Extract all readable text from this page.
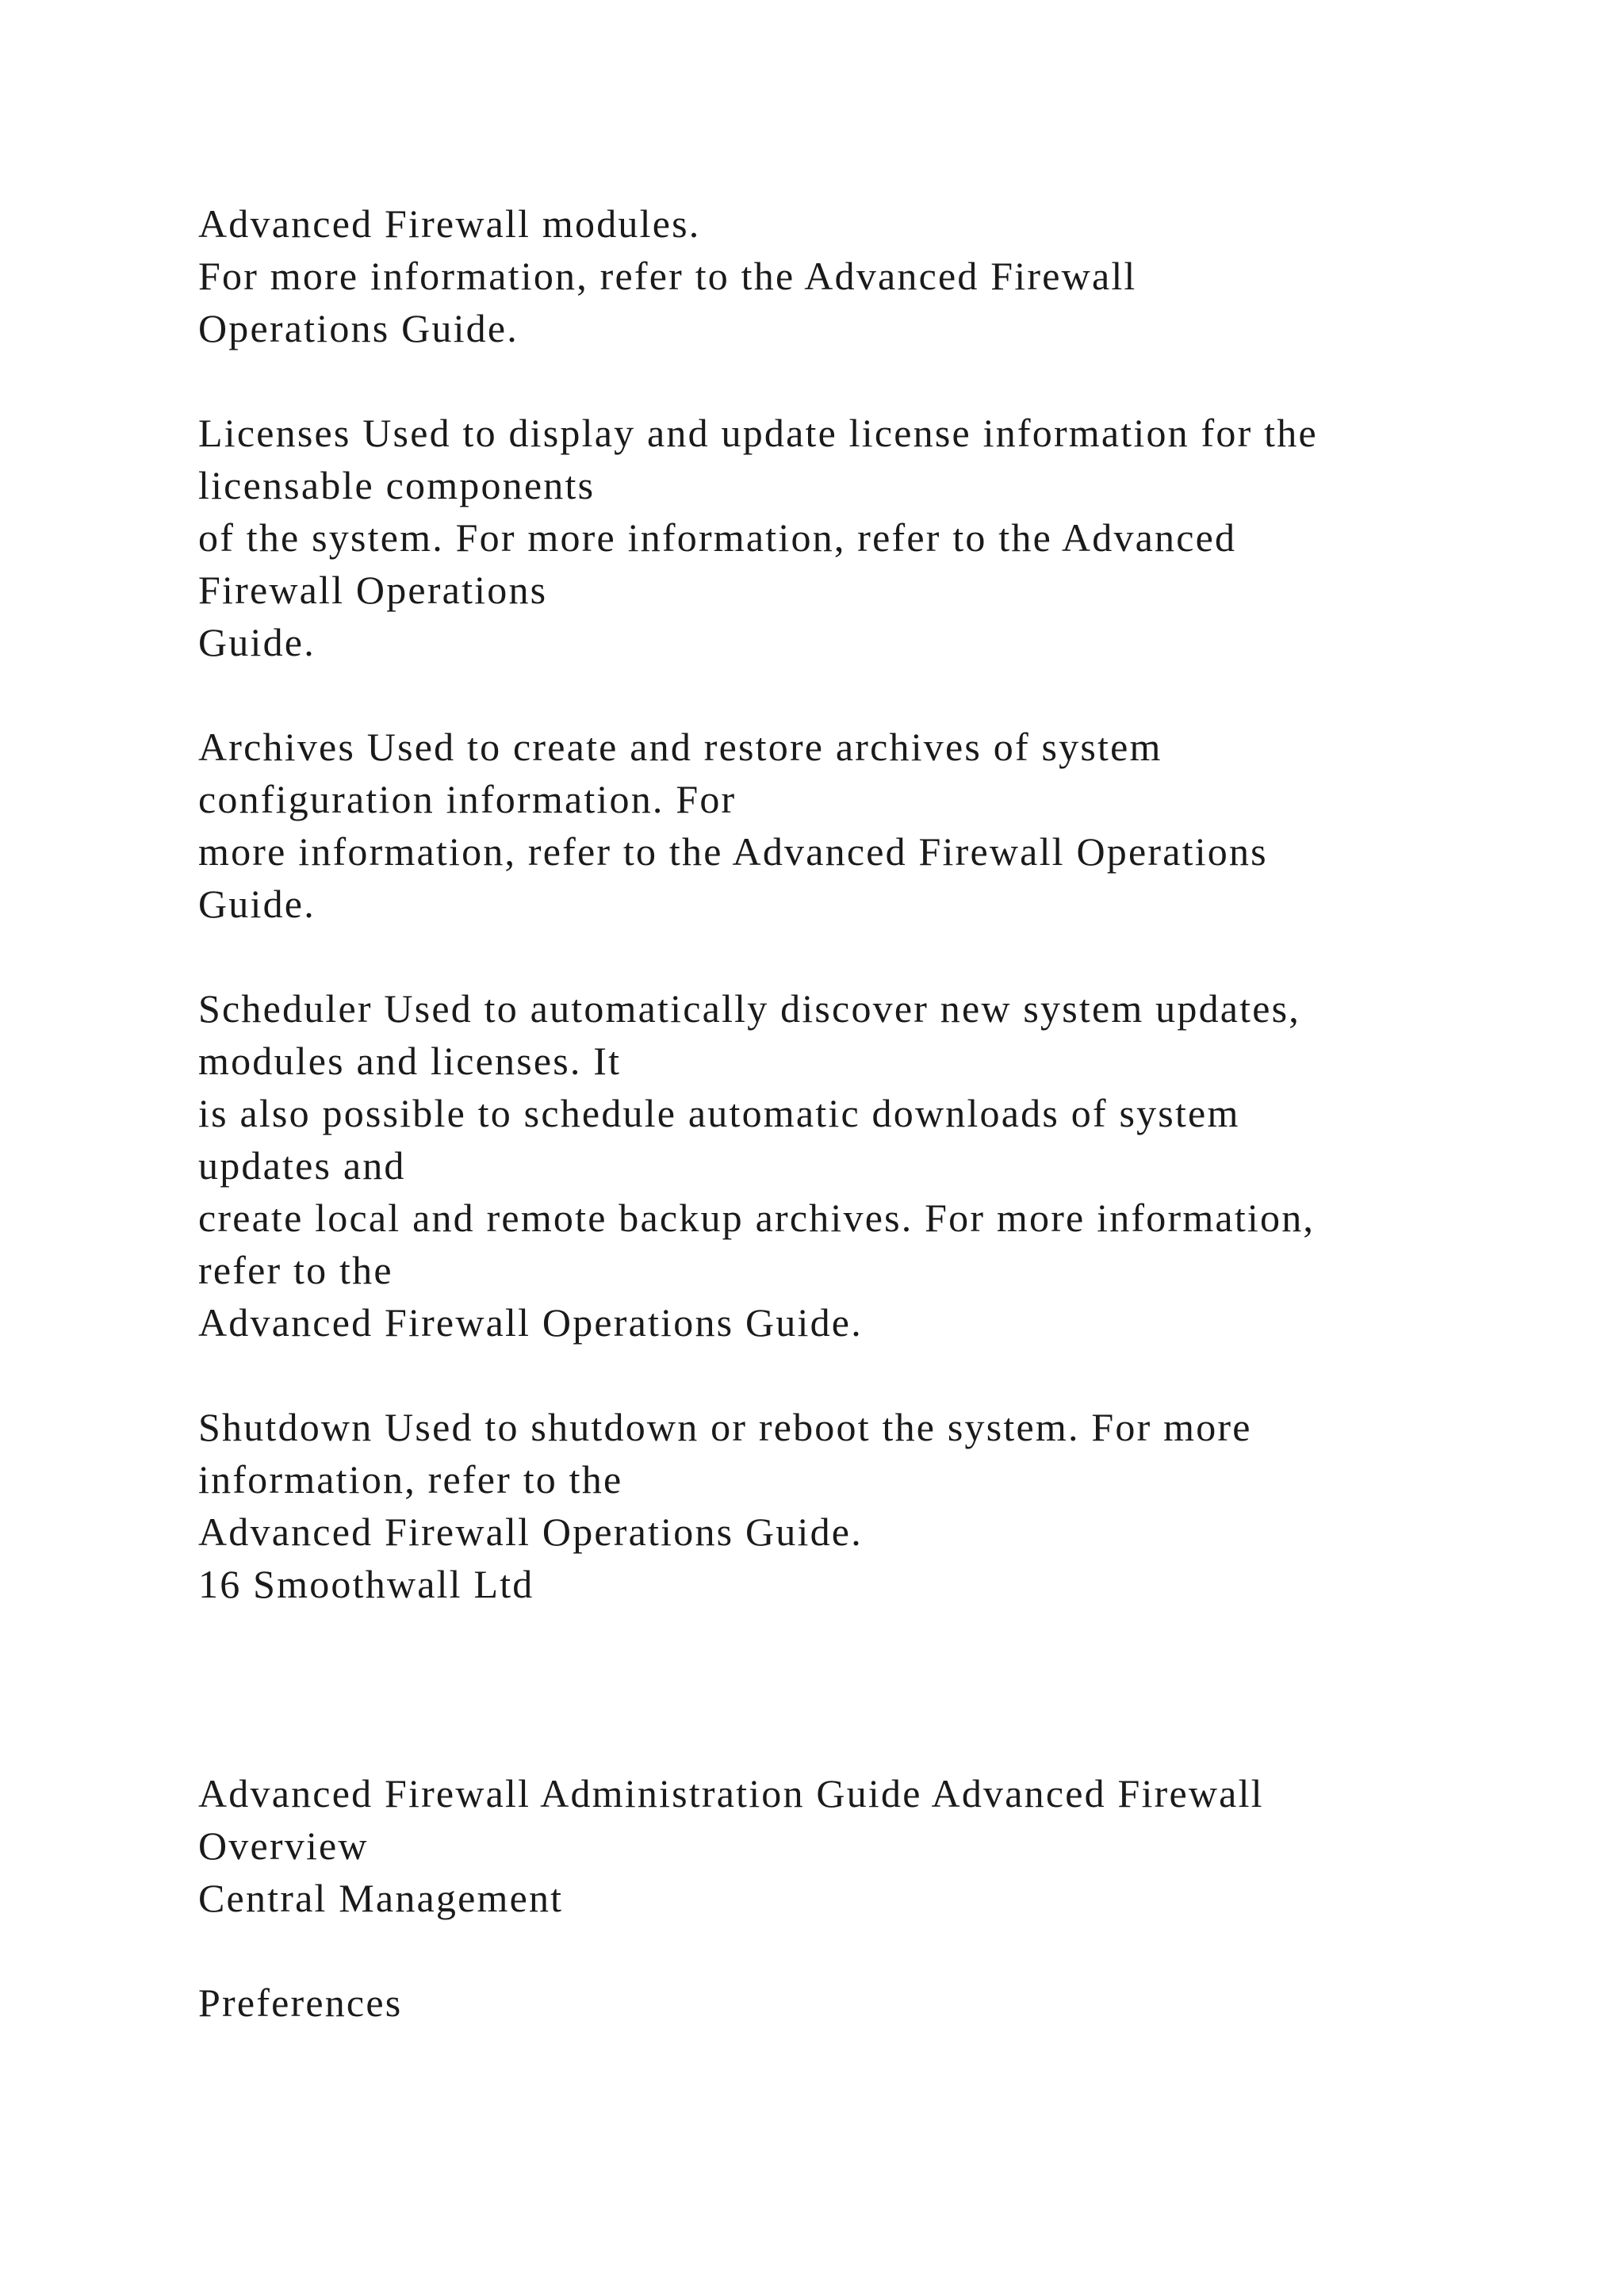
Advanced Firewall modules.

For more information, refer to the Advanced Firewall

Operations Guide.

Licenses Used to display and update license information for the

licensable components

of the system. For more information, refer to the Advanced

Firewall Operations

Guide.

Archives Used to create and restore archives of system

configuration information. For

more information, refer to the Advanced Firewall Operations

Guide.

Scheduler Used to automatically discover new system updates,

modules and licenses. It

is also possible to schedule automatic downloads of system

updates and

create local and remote backup archives. For more information,

refer to the

Advanced Firewall Operations Guide.

Shutdown Used to shutdown or reboot the system. For more

information, refer to the

Advanced Firewall Operations Guide.

16 Smoothwall Ltd

Advanced Firewall Administration Guide Advanced Firewall

Overview

Central Management

Preferences
